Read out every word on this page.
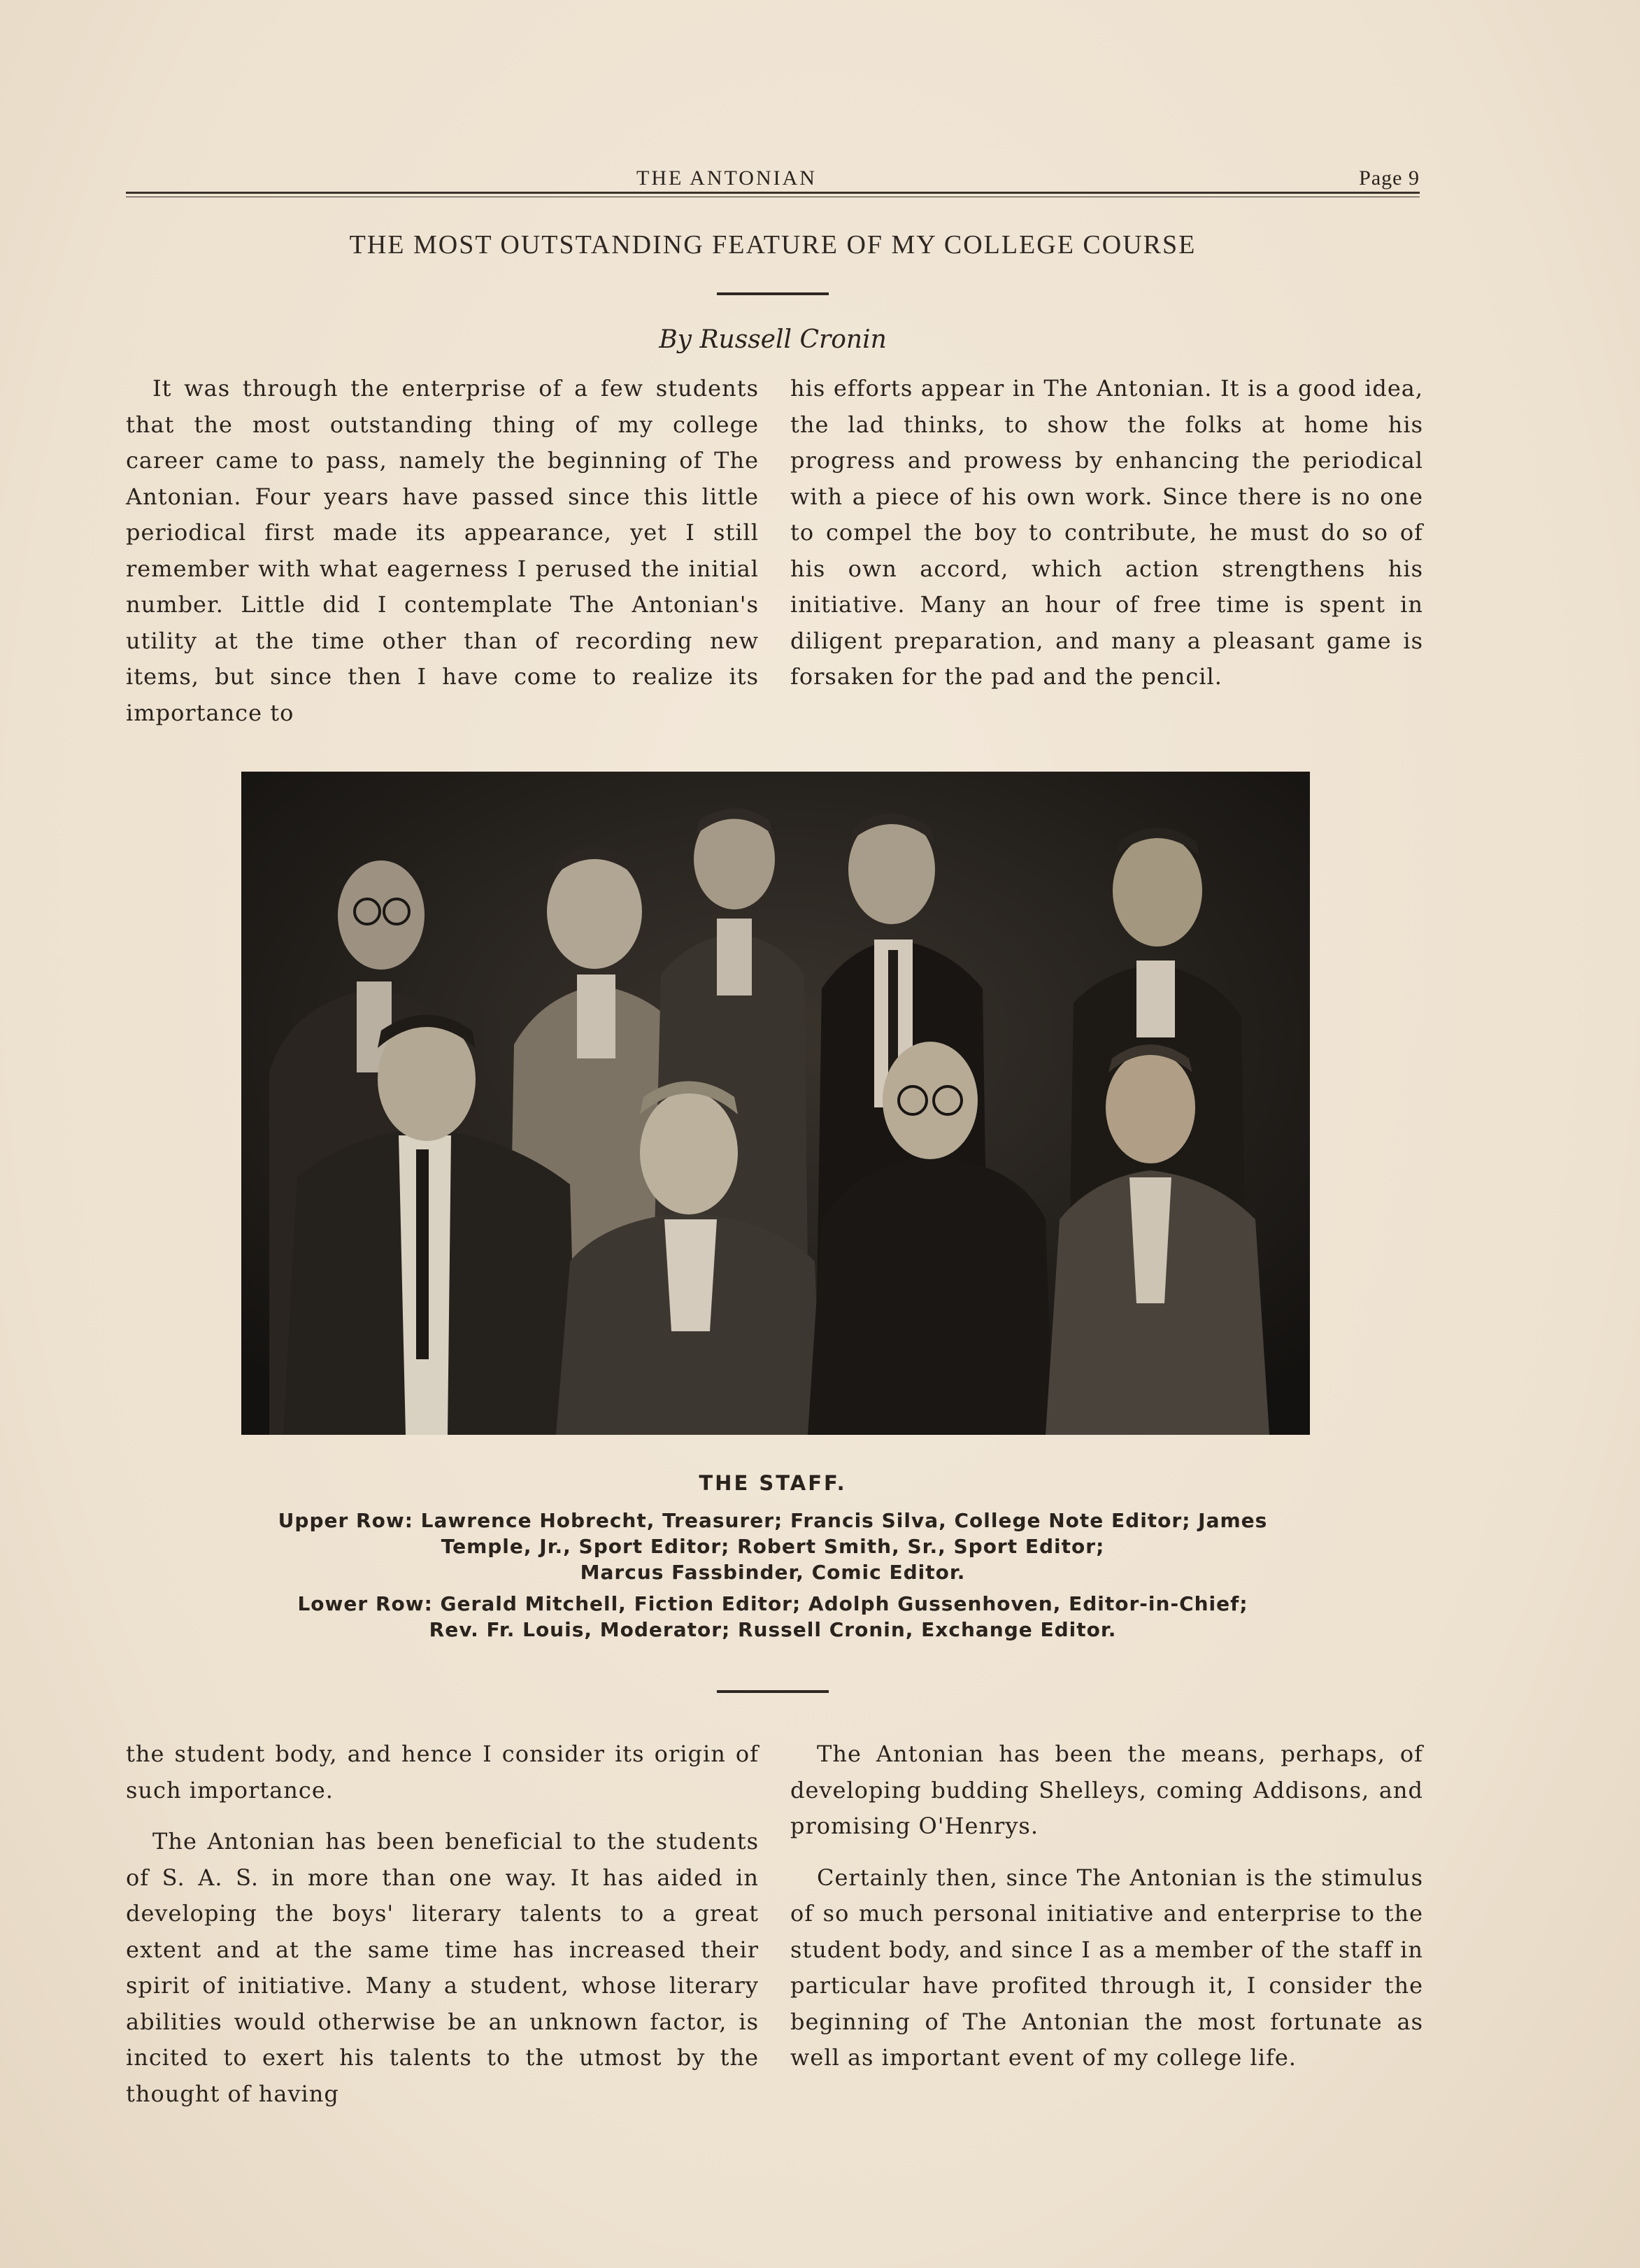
THE ANTONIAN	Page 9
THE MOST OUTSTANDING FEATURE OF MY COLLEGE COURSE
By Russell Cronin

It was through the enterprise of a few students that the most outstanding thing of my college career came to pass, namely the beginning of The Antonian. Four years have passed since this little periodical first made its appearance, yet I still remember with what eagerness I perused the initial number. Little did I contemplate The Antonian's utility at the time other than of recording new items, but since then I have come to realize its importance to

his efforts appear in The Antonian. It is a good idea, the lad thinks, to show the folks at home his progress and prowess by enhancing the periodical with a piece of his own work. Since there is no one to compel the boy to contribute, he must do so of his own accord, which action strengthens his initiative. Many an hour of free time is spent in diligent preparation, and many a pleasant game is forsaken for the pad and the pencil.

THE STAFF.
Upper Row: Lawrence Hobrecht, Treasurer; Francis Silva, College Note Editor; James
Temple, Jr., Sport Editor; Robert Smith, Sr., Sport Editor;
Marcus Fassbinder, Comic Editor.
Lower Row: Gerald Mitchell, Fiction Editor; Adolph Gussenhoven, Editor-in-Chief;
Rev. Fr. Louis, Moderator; Russell Cronin, Exchange Editor.

the student body, and hence I consider its origin of such importance.

The Antonian has been beneficial to the students of S. A. S. in more than one way. It has aided in developing the boys' literary talents to a great extent and at the same time has increased their spirit of initiative. Many a student, whose literary abilities would otherwise be an unknown factor, is incited to exert his talents to the utmost by the thought of having

The Antonian has been the means, perhaps, of developing budding Shelleys, coming Addisons, and promising O'Henrys.

Certainly then, since The Antonian is the stimulus of so much personal initiative and enterprise to the student body, and since I as a member of the staff in particular have profited through it, I consider the beginning of The Antonian the most fortunate as well as important event of my college life.
